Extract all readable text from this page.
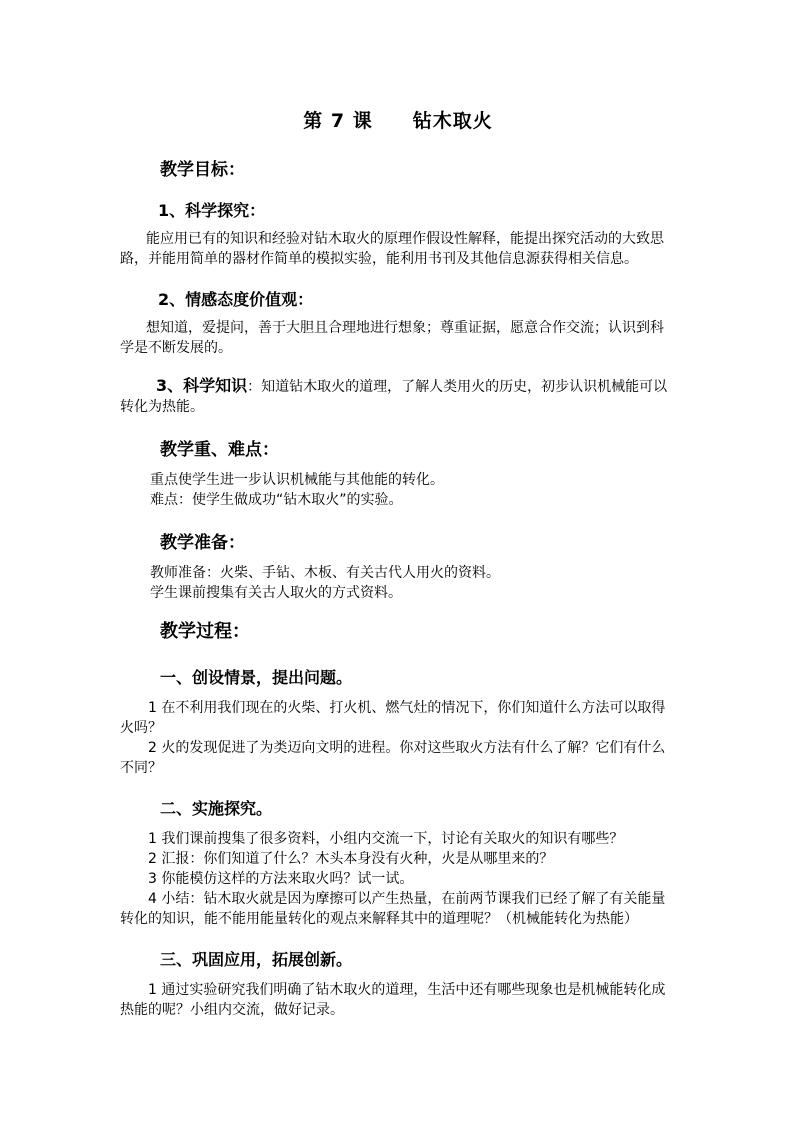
第 7 课 钻木取火
教学目标：
1、科学探究：

能应用已有的知识和经验对钻木取火的原理作假设性解释，能提出探究活动的大致思路，并能用简单的器材作简单的模拟实验，能利用书刊及其他信息源获得相关信息。

2、情感态度价值观：

想知道，爱提问，善于大胆且合理地进行想象；尊重证据，愿意合作交流；认识到科学是不断发展的。

3、科学知识：知道钻木取火的道理，了解人类用火的历史，初步认识机械能可以转化为热能。

教学重、难点：

重点使学生进一步认识机械能与其他能的转化。

难点：使学生做成功“钻木取火”的实验。

教学准备：

教师准备：火柴、手钻、木板、有关古代人用火的资料。

学生课前搜集有关古人取火的方式资料。

教学过程：
一、创设情景，提出问题。

1 在不利用我们现在的火柴、打火机、燃气灶的情况下，你们知道什么方法可以取得火吗？

2 火的发现促进了为类迈向文明的进程。你对这些取火方法有什么了解？它们有什么不同？

二、实施探究。

1 我们课前搜集了很多资料，小组内交流一下，讨论有关取火的知识有哪些？

2 汇报：你们知道了什么？木头本身没有火种，火是从哪里来的？

3 你能模仿这样的方法来取火吗？试一试。

4 小结：钻木取火就是因为摩擦可以产生热量，在前两节课我们已经了解了有关能量转化的知识，能不能用能量转化的观点来解释其中的道理呢？（机械能转化为热能）

三、巩固应用，拓展创新。

1 通过实验研究我们明确了钻木取火的道理，生活中还有哪些现象也是机械能转化成热能的呢？小组内交流，做好记录。
